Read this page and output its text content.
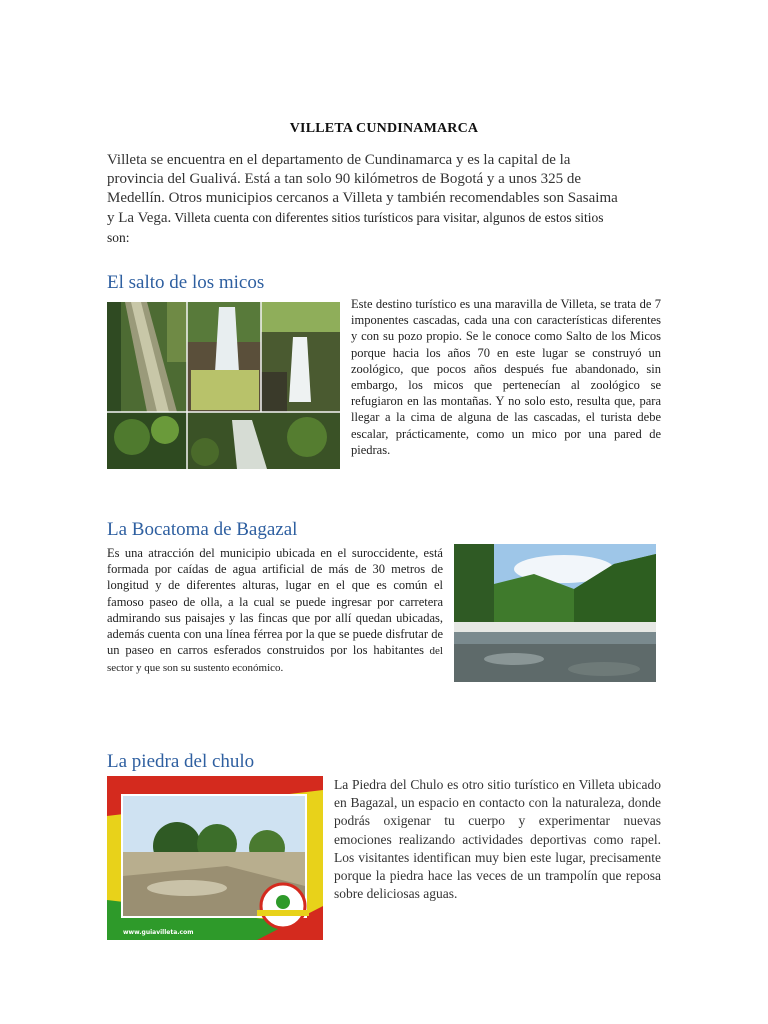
VILLETA CUNDINAMARCA
Villeta se encuentra en el departamento de Cundinamarca y es la capital de la provincia del Gualivá. Está a tan solo 90 kilómetros de Bogotá y a unos 325 de Medellín. Otros municipios cercanos a Villeta y también recomendables son Sasaima y La Vega. Villeta cuenta con diferentes sitios turísticos para visitar, algunos de estos sitios son:
El salto de los micos
Este destino turístico es una maravilla de Villeta, se trata de 7 imponentes cascadas, cada una con características diferentes y con su pozo propio. Se le conoce como Salto de los Micos porque hacia los años 70 en este lugar se construyó un zoológico, que pocos años después fue abandonado, sin embargo, los micos que pertenecían al zoológico se refugiaron en las montañas. Y no solo esto, resulta que, para llegar a la cima de alguna de las cascadas, el turista debe escalar, prácticamente, como un mico por una pared de piedras.
La Bocatoma de Bagazal
Es una atracción del municipio ubicada en el suroccidente, está formada por caídas de agua artificial de más de 30 metros de longitud y de diferentes alturas, lugar en el que es común el famoso paseo de olla, a la cual se puede ingresar por carretera admirando sus paisajes y las fincas que por allí quedan ubicadas, además cuenta con una línea férrea por la que se puede disfrutar de un paseo en carros esferados construidos por los habitantes del sector y que son su sustento económico.
La piedra del chulo
www.guiavilleta.com
La Piedra del Chulo es otro sitio turístico en Villeta ubicado en Bagazal, un espacio en contacto con la naturaleza, donde podrás oxigenar tu cuerpo y experimentar nuevas emociones realizando actividades deportivas como rapel. Los visitantes identifican muy bien este lugar, precisamente porque la piedra hace las veces de un trampolín que reposa sobre deliciosas aguas.
